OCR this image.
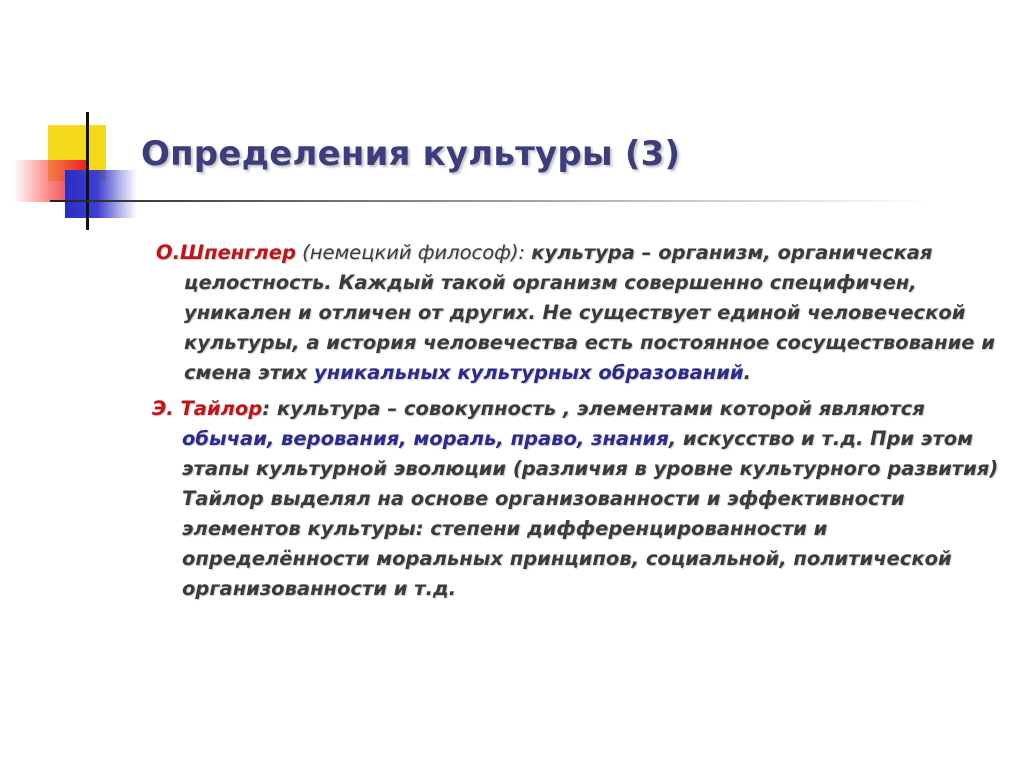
Определения культуры (3)

О.Шпенглер (немецкий философ): культура – организм, органическая целостность. Каждый такой организм совершенно специфичен, уникален и отличен от других. Не существует единой человеческой культуры, а история человечества есть постоянное сосуществование и смена этих уникальных культурных образований.

Э. Тайлор: культура – совокупность , элементами которой являются обычаи, верования, мораль, право, знания, искусство и т.д. При этом этапы культурной эволюции (различия в уровне культурного развития) Тайлор выделял на основе организованности и эффективности элементов культуры: степени дифференцированности и определённости моральных принципов, социальной, политической организованности и т.д.
